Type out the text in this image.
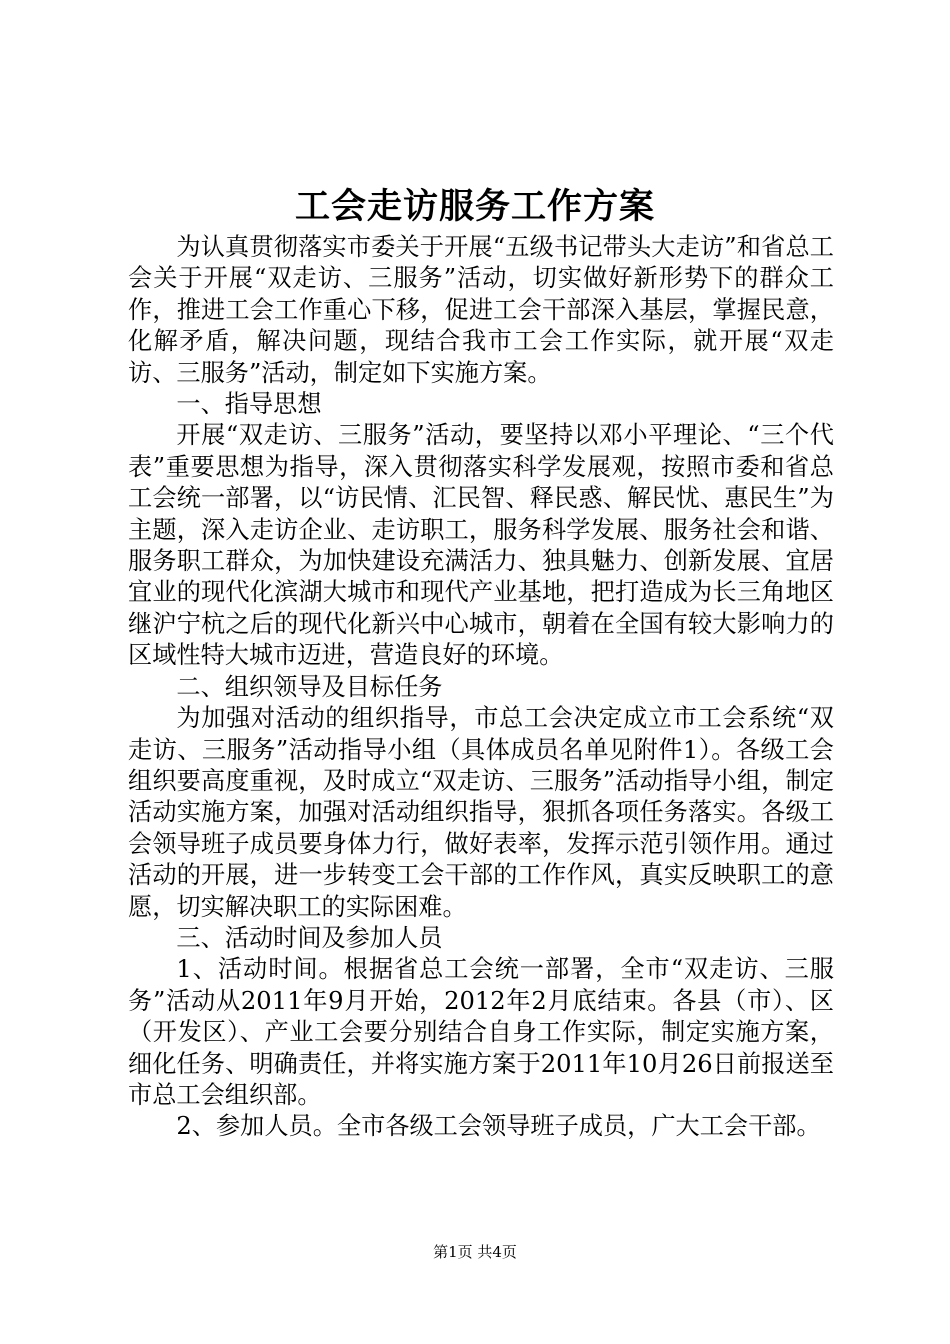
工会走访服务工作方案

为认真贯彻落实市委关于开展“五级书记带头大走访”和省总工会关于开展“双走访、三服务”活动，切实做好新形势下的群众工作，推进工会工作重心下移，促进工会干部深入基层，掌握民意，化解矛盾，解决问题，现结合我市工会工作实际，就开展“双走访、三服务”活动，制定如下实施方案。

一、指导思想

开展“双走访、三服务”活动，要坚持以邓小平理论、“三个代表”重要思想为指导，深入贯彻落实科学发展观，按照市委和省总工会统一部署，以“访民情、汇民智、释民惑、解民忧、惠民生”为主题，深入走访企业、走访职工，服务科学发展、服务社会和谐、服务职工群众，为加快建设充满活力、独具魅力、创新发展、宜居宜业的现代化滨湖大城市和现代产业基地，把打造成为长三角地区继沪宁杭之后的现代化新兴中心城市，朝着在全国有较大影响力的区域性特大城市迈进，营造良好的环境。

二、组织领导及目标任务

为加强对活动的组织指导，市总工会决定成立市工会系统“双走访、三服务”活动指导小组（具体成员名单见附件1）。各级工会组织要高度重视，及时成立“双走访、三服务”活动指导小组，制定活动实施方案，加强对活动组织指导，狠抓各项任务落实。各级工会领导班子成员要身体力行，做好表率，发挥示范引领作用。通过活动的开展，进一步转变工会干部的工作作风，真实反映职工的意愿，切实解决职工的实际困难。

三、活动时间及参加人员

1、活动时间。根据省总工会统一部署，全市“双走访、三服务”活动从2011年9月开始，2012年2月底结束。各县（市）、区（开发区）、产业工会要分别结合自身工作实际，制定实施方案，细化任务、明确责任，并将实施方案于2011年10月26日前报送至市总工会组织部。

2、参加人员。全市各级工会领导班子成员，广大工会干部。

第1页 共4页
